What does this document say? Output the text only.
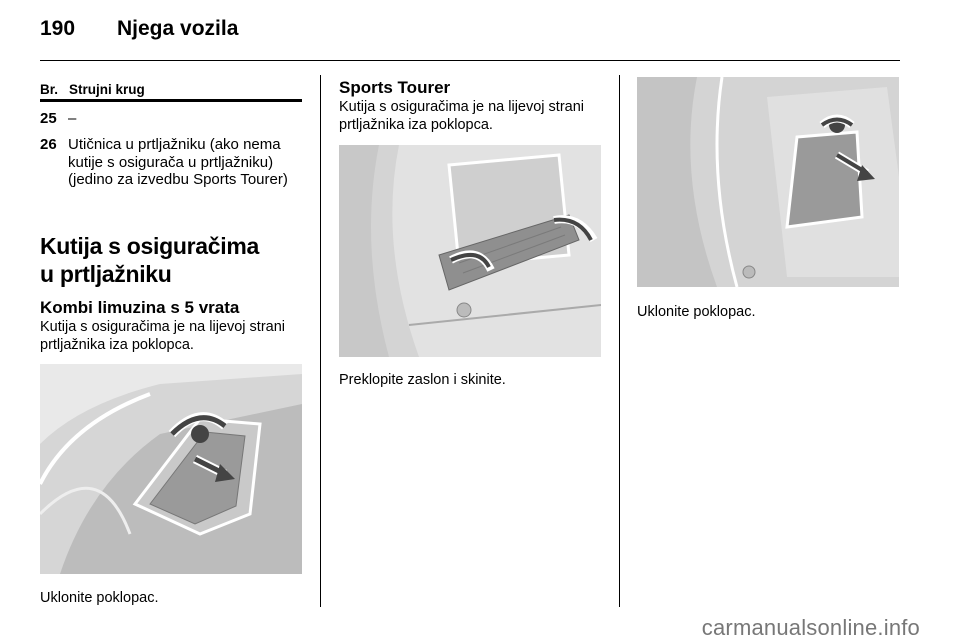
190 Njega vozila
Br. Strujni krug
25 –
26 Utičnica u prtljažniku (ako nema kutije s osigurača u prtljažniku) (jedino za izvedbu Sports Tourer)
Kutija s osiguračima u prtljažniku
Kombi limuzina s 5 vrata
Kutija s osiguračima je na lijevoj strani prtljažnika iza poklopca.
Uklonite poklopac.
Sports Tourer
Kutija s osiguračima je na lijevoj strani prtljažnika iza poklopca.
Preklopite zaslon i skinite.
Uklonite poklopac.
carmanualsonline.info
